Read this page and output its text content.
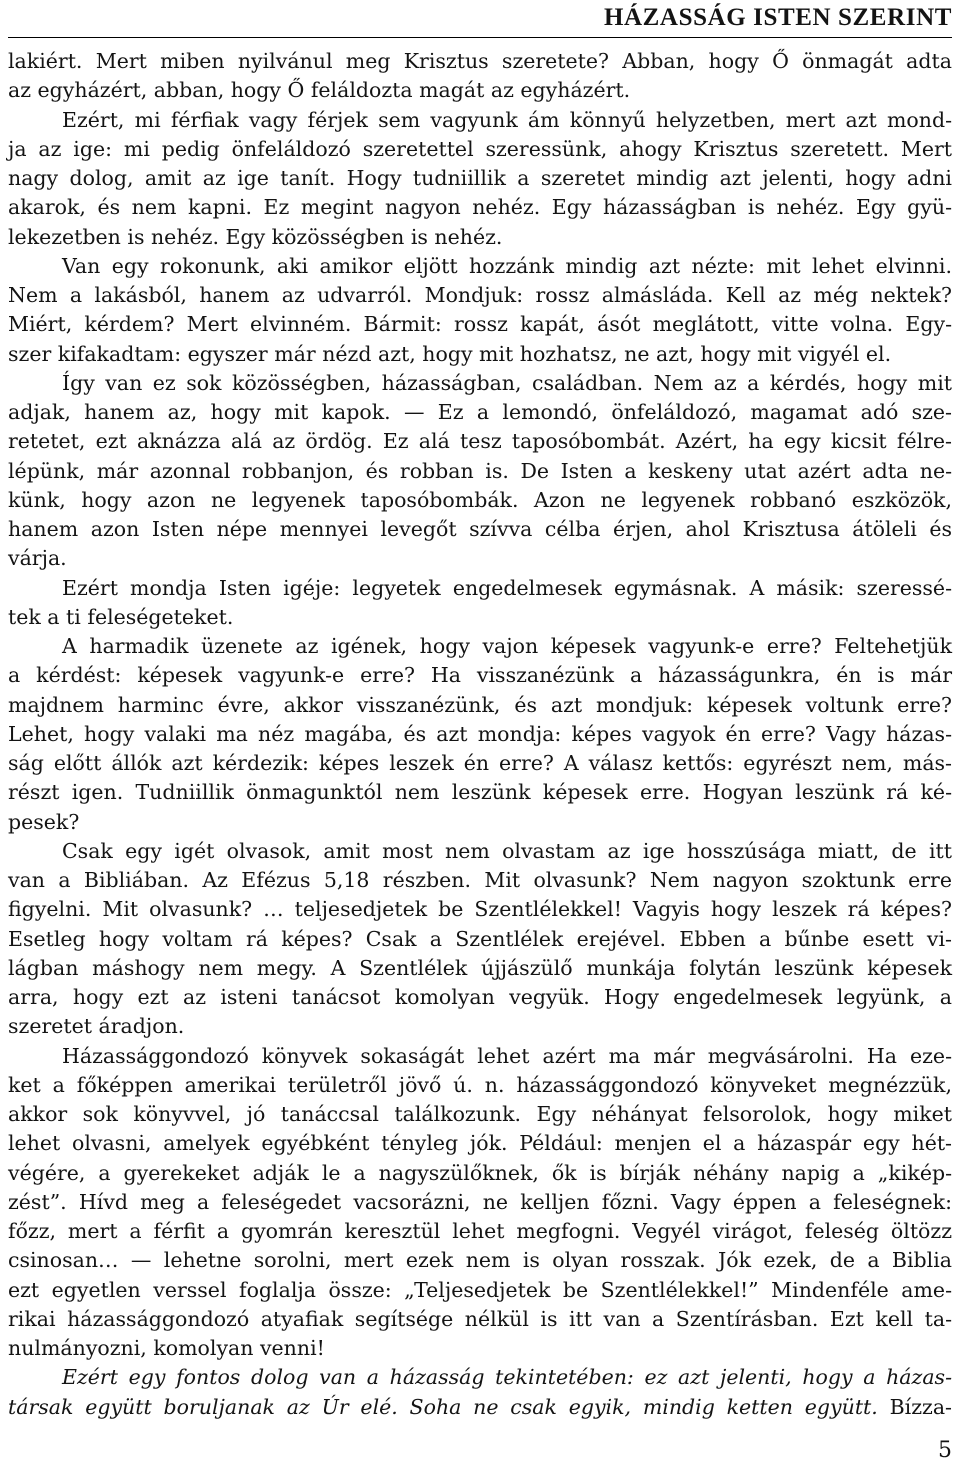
HÁZASSÁG ISTEN SZERINT
lakiért. Mert miben nyilvánul meg Krisztus szeretete? Abban, hogy Ő önmagát adta
az egyházért, abban, hogy Ő feláldozta magát az egyházért.
Ezért, mi férfiak vagy férjek sem vagyunk ám könnyű helyzetben, mert azt mond-
ja az ige: mi pedig önfeláldozó szeretettel szeressünk, ahogy Krisztus szeretett. Mert
nagy dolog, amit az ige tanít. Hogy tudniillik a szeretet mindig azt jelenti, hogy adni
akarok, és nem kapni. Ez megint nagyon nehéz. Egy házasságban is nehéz. Egy gyü-
lekezetben is nehéz. Egy közösségben is nehéz.
Van egy rokonunk, aki amikor eljött hozzánk mindig azt nézte: mit lehet elvinni.
Nem a lakásból, hanem az udvarról. Mondjuk: rossz almásláda. Kell az még nektek?
Miért, kérdem? Mert elvinném. Bármit: rossz kapát, ásót meglátott, vitte volna. Egy-
szer kifakadtam: egyszer már nézd azt, hogy mit hozhatsz, ne azt, hogy mit vigyél el.
Így van ez sok közösségben, házasságban, családban. Nem az a kérdés, hogy mit
adjak, hanem az, hogy mit kapok. — Ez a lemondó, önfeláldozó, magamat adó sze-
retetet, ezt aknázza alá az ördög. Ez alá tesz taposóbombát. Azért, ha egy kicsit félre-
lépünk, már azonnal robbanjon, és robban is. De Isten a keskeny utat azért adta ne-
künk, hogy azon ne legyenek taposóbombák. Azon ne legyenek robbanó eszközök,
hanem azon Isten népe mennyei levegőt szívva célba érjen, ahol Krisztusa átöleli és
várja.
Ezért mondja Isten igéje: legyetek engedelmesek egymásnak. A másik: szeressé-
tek a ti feleségeteket.
A harmadik üzenete az igének, hogy vajon képesek vagyunk-e erre? Feltehetjük
a kérdést: képesek vagyunk-e erre? Ha visszanézünk a házasságunkra, én is már
majdnem harminc évre, akkor visszanézünk, és azt mondjuk: képesek voltunk erre?
Lehet, hogy valaki ma néz magába, és azt mondja: képes vagyok én erre? Vagy házas-
ság előtt állók azt kérdezik: képes leszek én erre? A válasz kettős: egyrészt nem, más-
részt igen. Tudniillik önmagunktól nem leszünk képesek erre. Hogyan leszünk rá ké-
pesek?
Csak egy igét olvasok, amit most nem olvastam az ige hosszúsága miatt, de itt
van a Bibliában. Az Efézus 5,18 részben. Mit olvasunk? Nem nagyon szoktunk erre
figyelni. Mit olvasunk? … teljesedjetek be Szentlélekkel! Vagyis hogy leszek rá képes?
Esetleg hogy voltam rá képes? Csak a Szentlélek erejével. Ebben a bűnbe esett vi-
lágban máshogy nem megy. A Szentlélek újjászülő munkája folytán leszünk képesek
arra, hogy ezt az isteni tanácsot komolyan vegyük. Hogy engedelmesek legyünk, a
szeretet áradjon.
Házassággondozó könyvek sokaságát lehet azért ma már megvásárolni. Ha eze-
ket a főképpen amerikai területről jövő ú. n. házassággondozó könyveket megnézzük,
akkor sok könyvvel, jó tanáccsal találkozunk. Egy néhányat felsorolok, hogy miket
lehet olvasni, amelyek egyébként tényleg jók. Például: menjen el a házaspár egy hét-
végére, a gyerekeket adják le a nagyszülőknek, ők is bírják néhány napig a „kikép-
zést”. Hívd meg a feleségedet vacsorázni, ne kelljen főzni. Vagy éppen a feleségnek:
főzz, mert a férfit a gyomrán keresztül lehet megfogni. Vegyél virágot, feleség öltözz
csinosan… — lehetne sorolni, mert ezek nem is olyan rosszak. Jók ezek, de a Biblia
ezt egyetlen verssel foglalja össze: „Teljesedjetek be Szentlélekkel!” Mindenféle ame-
rikai házassággondozó atyafiak segítsége nélkül is itt van a Szentírásban. Ezt kell ta-
nulmányozni, komolyan venni!
Ezért egy fontos dolog van a házasság tekintetében: ez azt jelenti, hogy a házas-
társak együtt boruljanak az Úr elé. Soha ne csak egyik, mindig ketten együtt. Bízza-
5
